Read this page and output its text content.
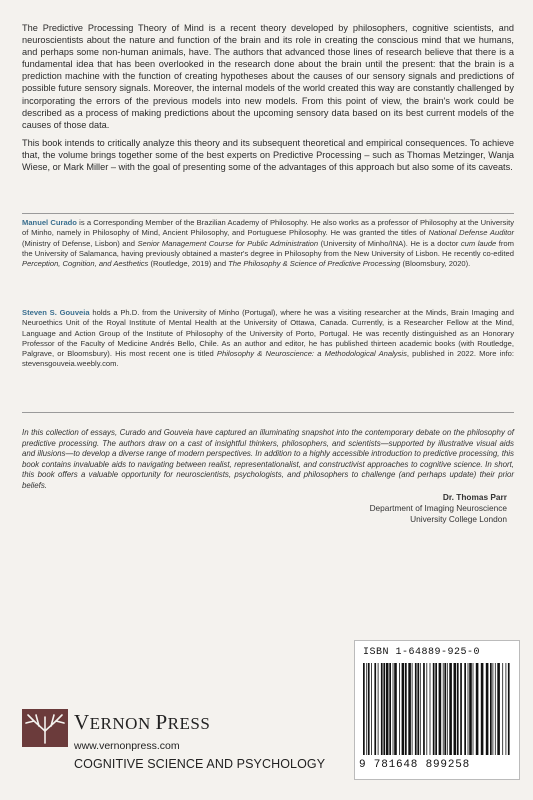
The Predictive Processing Theory of Mind is a recent theory developed by philosophers, cognitive scientists, and neuroscientists about the nature and function of the brain and its role in creating the conscious mind that we humans, and perhaps some non-human animals, have. The authors that advanced those lines of research believe that there is a fundamental idea that has been overlooked in the research done about the brain until the present: that the brain is a prediction machine with the function of creating hypotheses about the causes of our sensory signals and predictions of possible future sensory signals. Moreover, the internal models of the world created this way are constantly challenged by incorporating the errors of the previous models into new models. From this point of view, the brain's work could be described as a process of making predictions about the upcoming sensory data based on its best current models of the causes of those data.

This book intends to critically analyze this theory and its subsequent theoretical and empirical consequences. To achieve that, the volume brings together some of the best experts on Predictive Processing – such as Thomas Metzinger, Wanja Wiese, or Mark Miller – with the goal of presenting some of the advantages of this approach but also some of its caveats.

Manuel Curado is a Corresponding Member of the Brazilian Academy of Philosophy. He also works as a professor of Philosophy at the University of Minho, namely in Philosophy of Mind, Ancient Philosophy, and Portuguese Philosophy. He was granted the titles of National Defense Auditor (Ministry of Defense, Lisbon) and Senior Management Course for Public Administration (University of Minho/INA). He is a doctor cum laude from the University of Salamanca, having previously obtained a master's degree in Philosophy from the New University of Lisbon. He recently co-edited Perception, Cognition, and Aesthetics (Routledge, 2019) and The Philosophy & Science of Predictive Processing (Bloomsbury, 2020).
Steven S. Gouveia holds a Ph.D. from the University of Minho (Portugal), where he was a visiting researcher at the Minds, Brain Imaging and Neuroethics Unit of the Royal Institute of Mental Health at the University of Ottawa, Canada. Currently, is a Researcher Fellow at the Mind, Language and Action Group of the Institute of Philosophy of the University of Porto, Portugal. He was recently distinguished as an Honorary Professor of the Faculty of Medicine Andrés Bello, Chile. As an author and editor, he has published thirteen academic books (with Routledge, Palgrave, or Bloomsbury). His most recent one is titled Philosophy & Neuroscience: a Methodological Analysis, published in 2022. More info: stevensgouveia.weebly.com.
In this collection of essays, Curado and Gouveia have captured an illuminating snapshot into the contemporary debate on the philosophy of predictive processing. The authors draw on a cast of insightful thinkers, philosophers, and scientists—supported by illustrative visual aids and illusions—to develop a diverse range of modern perspectives. In addition to a highly accessible introduction to predictive processing, this book contains invaluable aids to navigating between realist, representationalist, and constructivist approaches to cognitive science. In short, this book offers a valuable opportunity for neuroscientists, psychologists, and philosophers to challenge (and perhaps update) their prior beliefs.
Dr. Thomas Parr
Department of Imaging Neuroscience
University College London
ISBN 1-64889-925-0
9 781648 899258
VERNON PRESS
www.vernonpress.com
COGNITIVE SCIENCE AND PSYCHOLOGY
